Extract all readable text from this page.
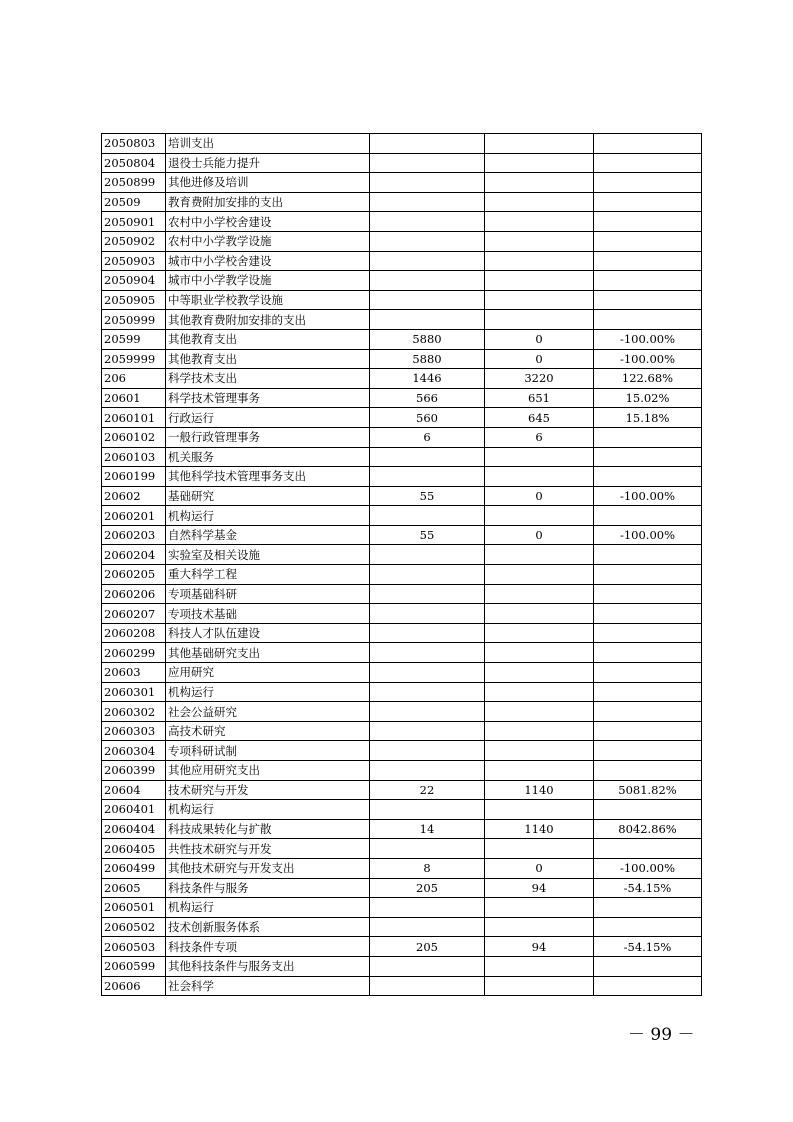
2050803	培训支出			
2050804	退役士兵能力提升			
2050899	其他进修及培训			
20509	教育费附加安排的支出			
2050901	农村中小学校舍建设			
2050902	农村中小学教学设施			
2050903	城市中小学校舍建设			
2050904	城市中小学教学设施			
2050905	中等职业学校教学设施			
2050999	其他教育费附加安排的支出			
20599	其他教育支出	5880	0	-100.00%
2059999	其他教育支出	5880	0	-100.00%
206	科学技术支出	1446	3220	122.68%
20601	科学技术管理事务	566	651	15.02%
2060101	行政运行	560	645	15.18%
2060102	一般行政管理事务	6	6	
2060103	机关服务			
2060199	其他科学技术管理事务支出			
20602	基础研究	55	0	-100.00%
2060201	机构运行			
2060203	自然科学基金	55	0	-100.00%
2060204	实验室及相关设施			
2060205	重大科学工程			
2060206	专项基础科研			
2060207	专项技术基础			
2060208	科技人才队伍建设			
2060299	其他基础研究支出			
20603	应用研究			
2060301	机构运行			
2060302	社会公益研究			
2060303	高技术研究			
2060304	专项科研试制			
2060399	其他应用研究支出			
20604	技术研究与开发	22	1140	5081.82%
2060401	机构运行			
2060404	科技成果转化与扩散	14	1140	8042.86%
2060405	共性技术研究与开发			
2060499	其他技术研究与开发支出	8	0	-100.00%
20605	科技条件与服务	205	94	-54.15%
2060501	机构运行			
2060502	技术创新服务体系			
2060503	科技条件专项	205	94	-54.15%
2060599	其他科技条件与服务支出			
20606	社会科学			
－ 99 －
